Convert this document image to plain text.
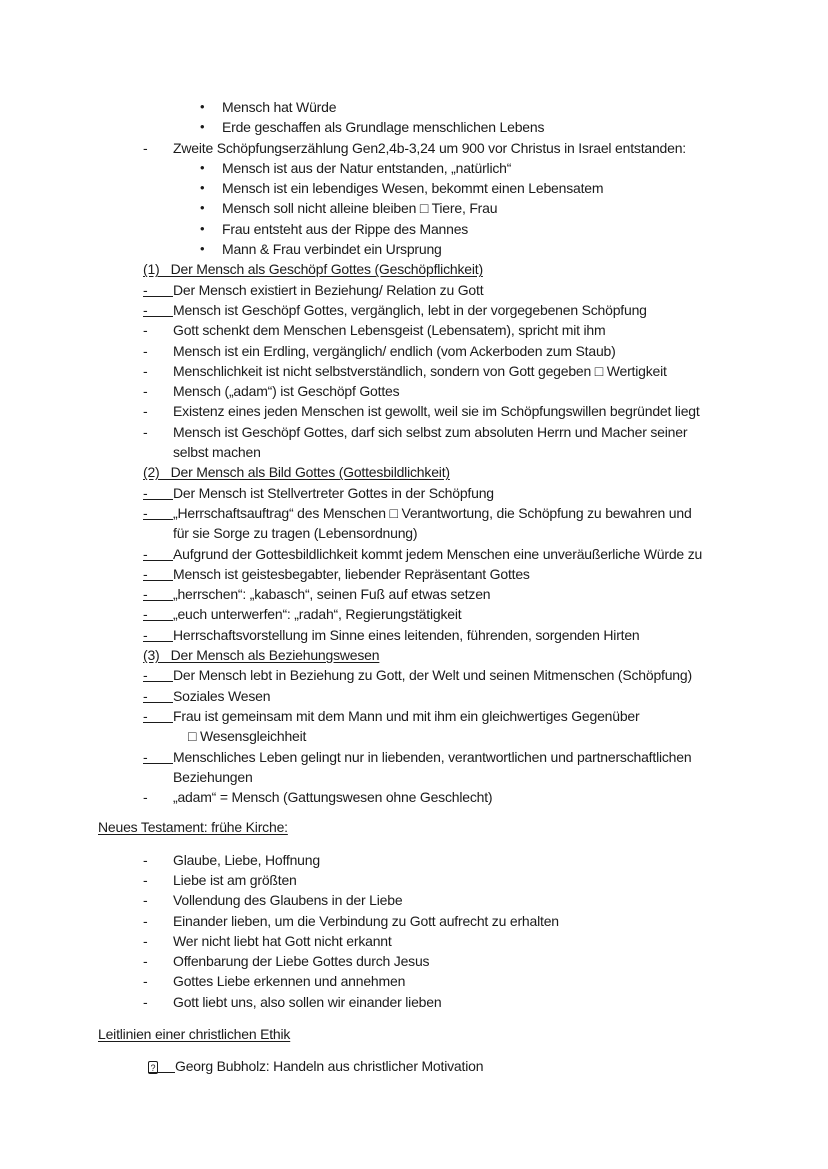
• Mensch hat Würde
• Erde geschaffen als Grundlage menschlichen Lebens
- Zweite Schöpfungserzählung Gen2,4b-3,24 um 900 vor Christus in Israel entstanden:
• Mensch ist aus der Natur entstanden, „natürlich“
• Mensch ist ein lebendiges Wesen, bekommt einen Lebensatem
• Mensch soll nicht alleine bleiben □ Tiere, Frau
• Frau entsteht aus der Rippe des Mannes
• Mann & Frau verbindet ein Ursprung
(1)   Der Mensch als Geschöpf Gottes (Geschöpflichkeit)
- Der Mensch existiert in Beziehung/ Relation zu Gott
- Mensch ist Geschöpf Gottes, vergänglich, lebt in der vorgegebenen Schöpfung
- Gott schenkt dem Menschen Lebensgeist (Lebensatem), spricht mit ihm
- Mensch ist ein Erdling, vergänglich/ endlich (vom Ackerboden zum Staub)
- Menschlichkeit ist nicht selbstverständlich, sondern von Gott gegeben □ Wertigkeit
- Mensch („adam“) ist Geschöpf Gottes
- Existenz eines jeden Menschen ist gewollt, weil sie im Schöpfungswillen begründet liegt
- Mensch ist Geschöpf Gottes, darf sich selbst zum absoluten Herrn und Macher seiner
selbst machen
(2)   Der Mensch als Bild Gottes (Gottesbildlichkeit)
- Der Mensch ist Stellvertreter Gottes in der Schöpfung
- „Herrschaftsauftrag“ des Menschen □ Verantwortung, die Schöpfung zu bewahren und
für sie Sorge zu tragen (Lebensordnung)
- Aufgrund der Gottesbildlichkeit kommt jedem Menschen eine unveräußerliche Würde zu
- Mensch ist geistesbegabter, liebender Repräsentant Gottes
- „herrschen“: „kabasch“, seinen Fuß auf etwas setzen
- „euch unterwerfen“: „radah“, Regierungstätigkeit
- Herrschaftsvorstellung im Sinne eines leitenden, führenden, sorgenden Hirten
(3)   Der Mensch als Beziehungswesen
- Der Mensch lebt in Beziehung zu Gott, der Welt und seinen Mitmenschen (Schöpfung)
- Soziales Wesen
- Frau ist gemeinsam mit dem Mann und mit ihm ein gleichwertiges Gegenüber
□ Wesensgleichheit
- Menschliches Leben gelingt nur in liebenden, verantwortlichen und partnerschaftlichen
Beziehungen
- „adam“ = Mensch (Gattungswesen ohne Geschlecht)
Neues Testament: frühe Kirche:
- Glaube, Liebe, Hoffnung
- Liebe ist am größten
- Vollendung des Glaubens in der Liebe
- Einander lieben, um die Verbindung zu Gott aufrecht zu erhalten
- Wer nicht liebt hat Gott nicht erkannt
- Offenbarung der Liebe Gottes durch Jesus
- Gottes Liebe erkennen und annehmen
- Gott liebt uns, also sollen wir einander lieben
Leitlinien einer christlichen Ethik
? Georg Bubholz: Handeln aus christlicher Motivation
